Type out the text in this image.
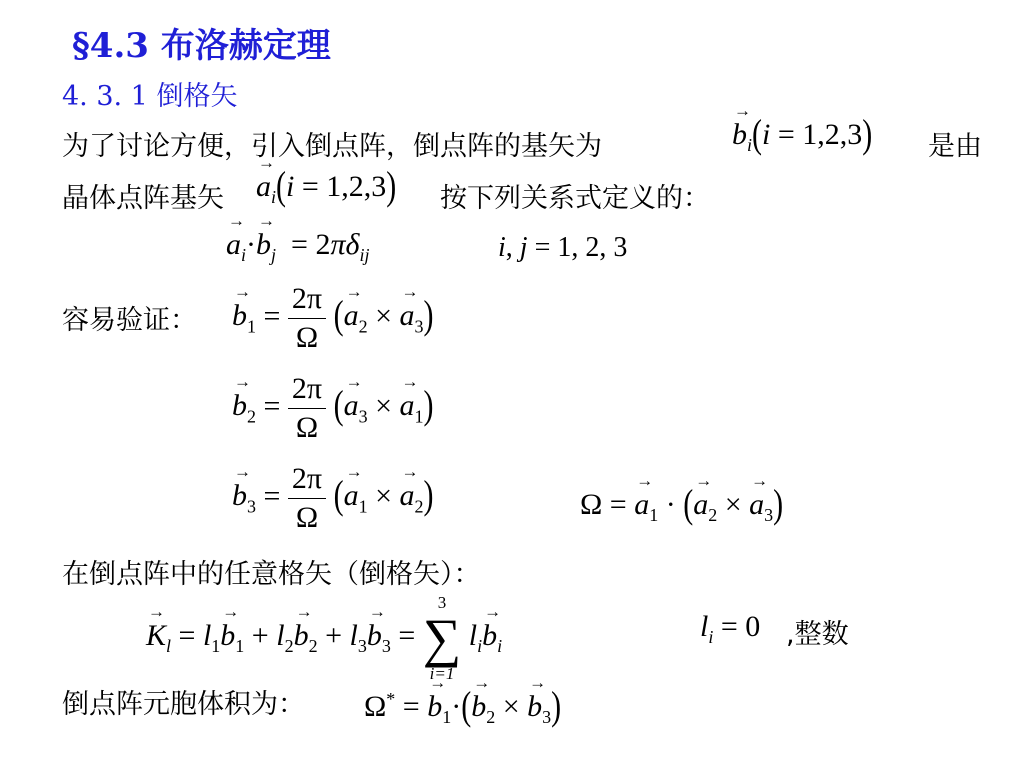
§4.3 布洛赫定理
4. 3. 1 倒格矢
为了讨论方便，引入倒点阵，倒点阵的基矢为	→ $b_i(i = 1,2,3)$ 是由
晶体点阵基矢 → $a_i(i = 1,2,3)$ 按下列关系式定义的：
→ $a_i\cdot\to b_j = 2\pi\delta_{ij}$	i, j = 1, 2, 3
容易验证： → $b_1 = \frac{2\pi}{\Omega}$ (→ $a_2$ × → $a_3$)
→ $b_2 = \frac{2\pi}{\Omega}$ (→ $a_3$ × → $a_1$)
→ $b_3 = \frac{2\pi}{\Omega}$ (→ $a_1$ × → $a_2$)	Ω = → $a_1$ · (→ $a_2$ × → $a_3$)
在倒点阵中的任意格矢（倒格矢）：
→ $K_l = l_1\to b_1 + l_2\to b_2 + l_3\to b_3$ =
3
∑
i=1
$l_i\to b_i$
$l_i = 0$ ,整数
倒点阵元胞体积为： Ω* = → $b_1\cdot(\to b_2$ × → $b_3$)
